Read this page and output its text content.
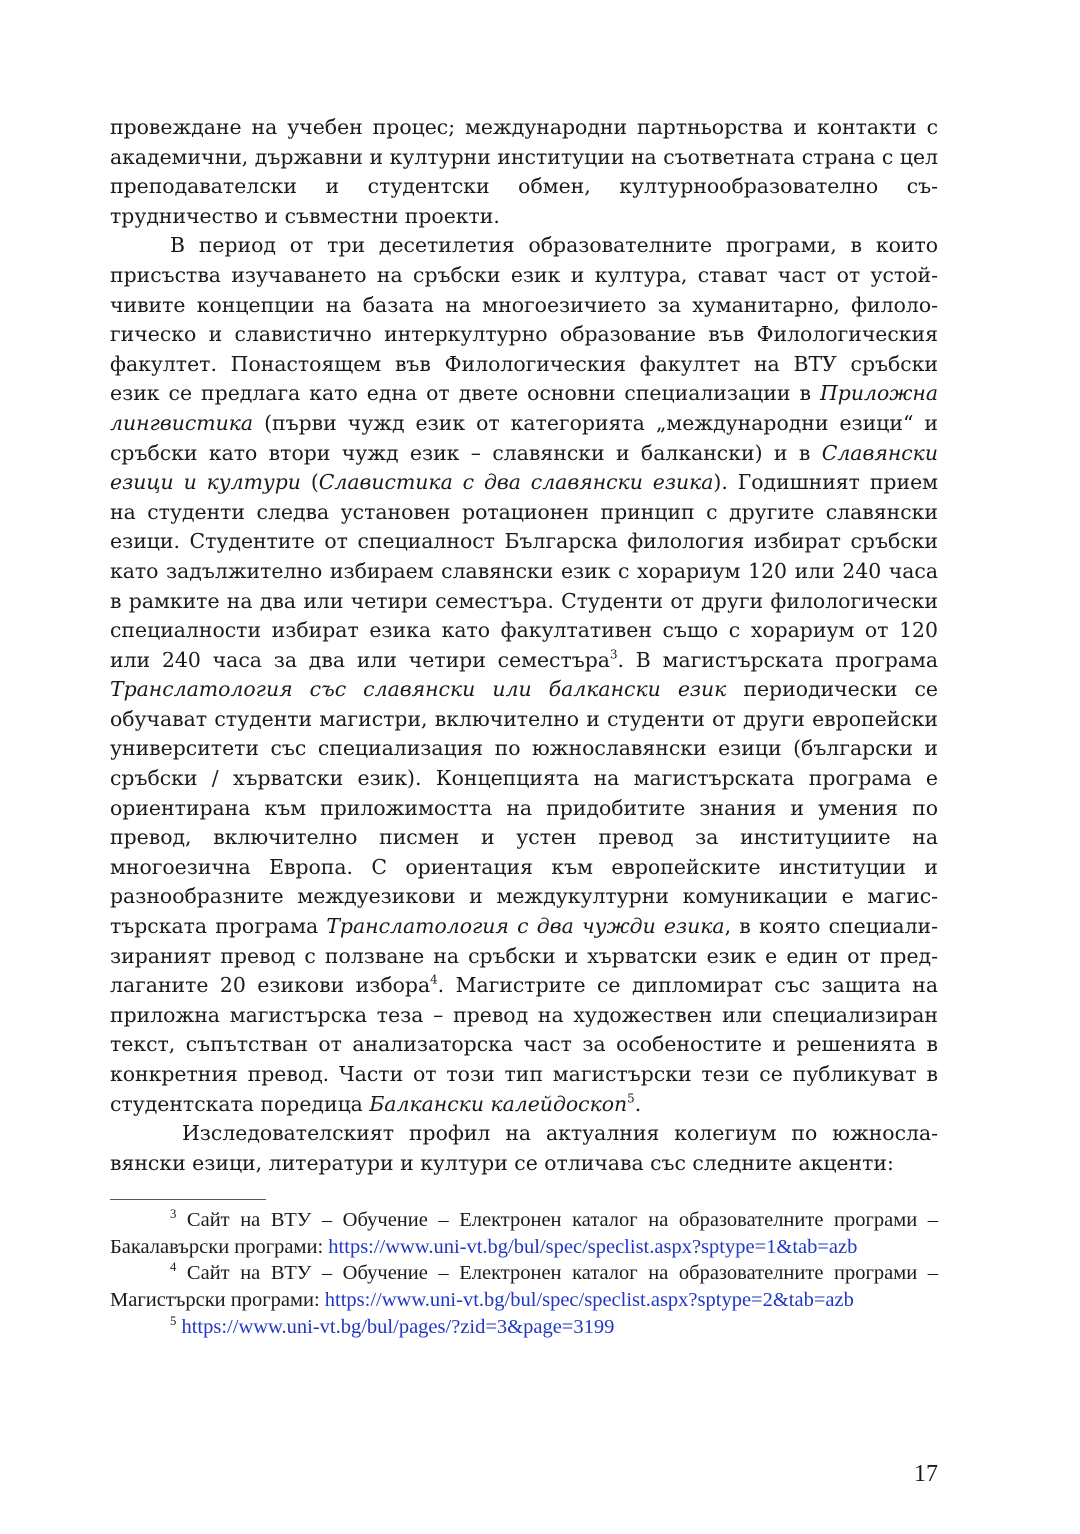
провеждане на учебен процес; международни партньорства и контакти с академични, държавни и културни институции на съответната страна с цел преподавателски и студентски обмен, културнообразователно сътрудничество и съвместни проекти.

В период от три десетилетия образователните програми, в които присъства изучаването на сръбски език и култура, стават част от устойчивите концепции на базата на многоезичието за хуманитарно, филологическо и славистично интеркултурно образование във Филологическия факултет. Понастоящем във Филологическия факултет на ВТУ сръбски език се предлага като една от двете основни специализации в Приложна лингвистика (първи чужд език от категорията „международни езици“ и сръбски като втори чужд език – славянски и балкански) и в Славянски езици и култури (Славистика с два славянски езика). Годишният прием на студенти следва установен ротационен принцип с другите славянски езици. Студентите от специалност Българска филология избират сръбски като задължително избираем славянски език с хорариум 120 или 240 часа в рамките на два или четири семестъра. Студенти от други филологически специалности избират езика като факултативен също с хорариум от 120 или 240 часа за два или четири семестъра$^3$. В магистърската програма Транслатология със славянски или балкански език периодически се обучават студенти магистри, включително и студенти от други европейски университети със специализация по южнославянски езици (български и сръбски / хърватски език). Концепцията на магистърската програма е ориентирана към приложимостта на придобитите знания и умения по превод, включително писмен и устен превод за институциите на многоезична Европа. С ориентация към европейските институции и разнообразните междуезикови и междукултурни комуникации е магистърската програма Транслатология с два чужди езика, в която специализираният превод с ползване на сръбски и хърватски език е един от предлаганите 20 езикови избора$^4$. Магистрите се дипломират със защита на приложна магистърска теза – превод на художествен или специализиран текст, съпътстван от анализаторска част за особеностите и решенията в конкретния превод. Части от този тип магистърски тези се публикуват в студентската поредица Балкански калейдоскоп$^5$.

Изследователският профил на актуалния колегиум по южнославянски езици, литератури и култури се отличава със следните акценти:

$^3$ Сайт на ВТУ – Обучение – Електронен каталог на образователните програми – Бакалавърски програми: https://www.uni-vt.bg/bul/spec/speclist.aspx?sptype=1&tab=azb

$^4$ Сайт на ВТУ – Обучение – Електронен каталог на образователните програми – Магистърски програми: https://www.uni-vt.bg/bul/spec/speclist.aspx?sptype=2&tab=azb

$^5$ https://www.uni-vt.bg/bul/pages/?zid=3&page=3199

17
